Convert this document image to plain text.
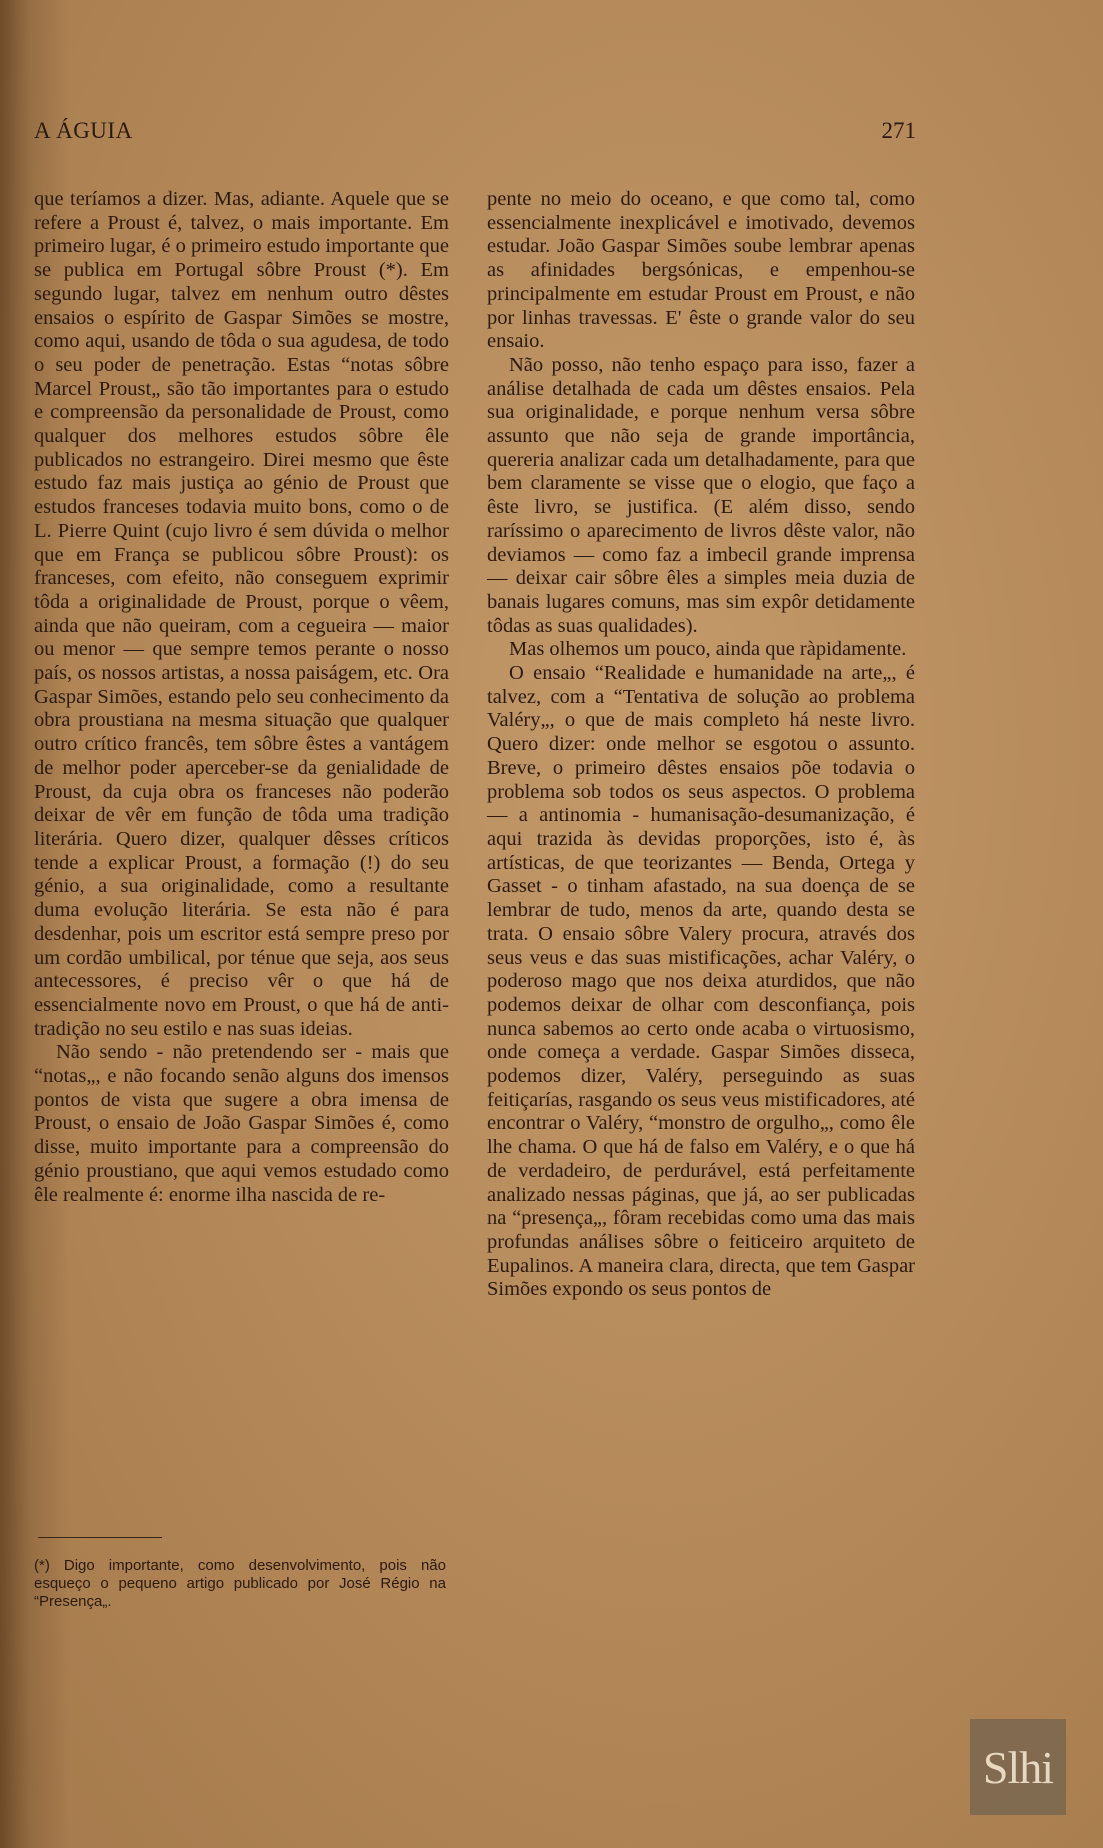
A ÁGUIA	271

que teríamos a dizer. Mas, adiante. Aquele que se refere a Proust é, talvez, o mais importante. Em primeiro lugar, é o primeiro estudo importante que se publica em Portugal sôbre Proust (*). Em segundo lugar, talvez em nenhum outro dêstes ensaios o espírito de Gaspar Simões se mostre, como aqui, usando de tôda o sua agudesa, de todo o seu poder de penetração. Estas “notas sôbre Marcel Proust„ são tão importantes para o estudo e compreensão da personalidade de Proust, como qualquer dos melhores estudos sôbre êle publicados no estrangeiro. Direi mesmo que êste estudo faz mais justiça ao génio de Proust que estudos franceses todavia muito bons, como o de L. Pierre Quint (cujo livro é sem dúvida o melhor que em França se publicou sôbre Proust): os franceses, com efeito, não conseguem exprimir tôda a originalidade de Proust, porque o vêem, ainda que não queiram, com a cegueira — maior ou menor — que sempre temos perante o nosso país, os nossos artistas, a nossa paiságem, etc. Ora Gaspar Simões, estando pelo seu conhecimento da obra proustiana na mesma situação que qualquer outro crítico francês, tem sôbre êstes a vantágem de melhor poder aperceber-se da genialidade de Proust, da cuja obra os franceses não poderão deixar de vêr em função de tôda uma tradição literária. Quero dizer, qualquer dêsses críticos tende a explicar Proust, a formação (!) do seu génio, a sua originalidade, como a resultante duma evolução literária. Se esta não é para desdenhar, pois um escritor está sempre preso por um cordão umbilical, por ténue que seja, aos seus antecessores, é preciso vêr o que há de essencialmente novo em Proust, o que há de anti-tradição no seu estilo e nas suas ideias.

Não sendo - não pretendendo ser - mais que “notas„, e não focando senão alguns dos imensos pontos de vista que sugere a obra imensa de Proust, o ensaio de João Gaspar Simões é, como disse, muito importante para a compreensão do génio proustiano, que aqui vemos estudado como êle realmente é: enorme ilha nascida de re-

pente no meio do oceano, e que como tal, como essencialmente inexplicável e imotivado, devemos estudar. João Gaspar Simões soube lembrar apenas as afinidades bergsónicas, e empenhou-se principalmente em estudar Proust em Proust, e não por linhas travessas. E' êste o grande valor do seu ensaio.

Não posso, não tenho espaço para isso, fazer a análise detalhada de cada um dêstes ensaios. Pela sua originalidade, e porque nenhum versa sôbre assunto que não seja de grande importância, quereria analizar cada um detalhadamente, para que bem claramente se visse que o elogio, que faço a êste livro, se justifica. (E além disso, sendo raríssimo o aparecimento de livros dêste valor, não deviamos — como faz a imbecil grande imprensa — deixar cair sôbre êles a simples meia duzia de banais lugares comuns, mas sim expôr detidamente tôdas as suas qualidades).

Mas olhemos um pouco, ainda que ràpidamente.

O ensaio “Realidade e humanidade na arte„, é talvez, com a “Tentativa de solução ao problema Valéry„, o que de mais completo há neste livro. Quero dizer: onde melhor se esgotou o assunto. Breve, o primeiro dêstes ensaios põe todavia o problema sob todos os seus aspectos. O problema — a antinomia - humanisação-desumanização, é aqui trazida às devidas proporções, isto é, às artísticas, de que teorizantes — Benda, Ortega y Gasset - o tinham afastado, na sua doença de se lembrar de tudo, menos da arte, quando desta se trata. O ensaio sôbre Valery procura, através dos seus veus e das suas mistificações, achar Valéry, o poderoso mago que nos deixa aturdidos, que não podemos deixar de olhar com desconfiança, pois nunca sabemos ao certo onde acaba o virtuosismo, onde começa a verdade. Gaspar Simões disseca, podemos dizer, Valéry, perseguindo as suas feitiçarías, rasgando os seus veus mistificadores, até encontrar o Valéry, “monstro de orgulho„, como êle lhe chama. O que há de falso em Valéry, e o que há de verdadeiro, de perdurável, está perfeitamente analizado nessas páginas, que já, ao ser publicadas na “presença„, fôram recebidas como uma das mais profundas análises sôbre o feiticeiro arquiteto de Eupalinos. A maneira clara, directa, que tem Gaspar Simões expondo os seus pontos de

(*) Digo importante, como desenvolvimento, pois não esqueço o pequeno artigo publicado por José Régio na “Presença„.
Slhi
